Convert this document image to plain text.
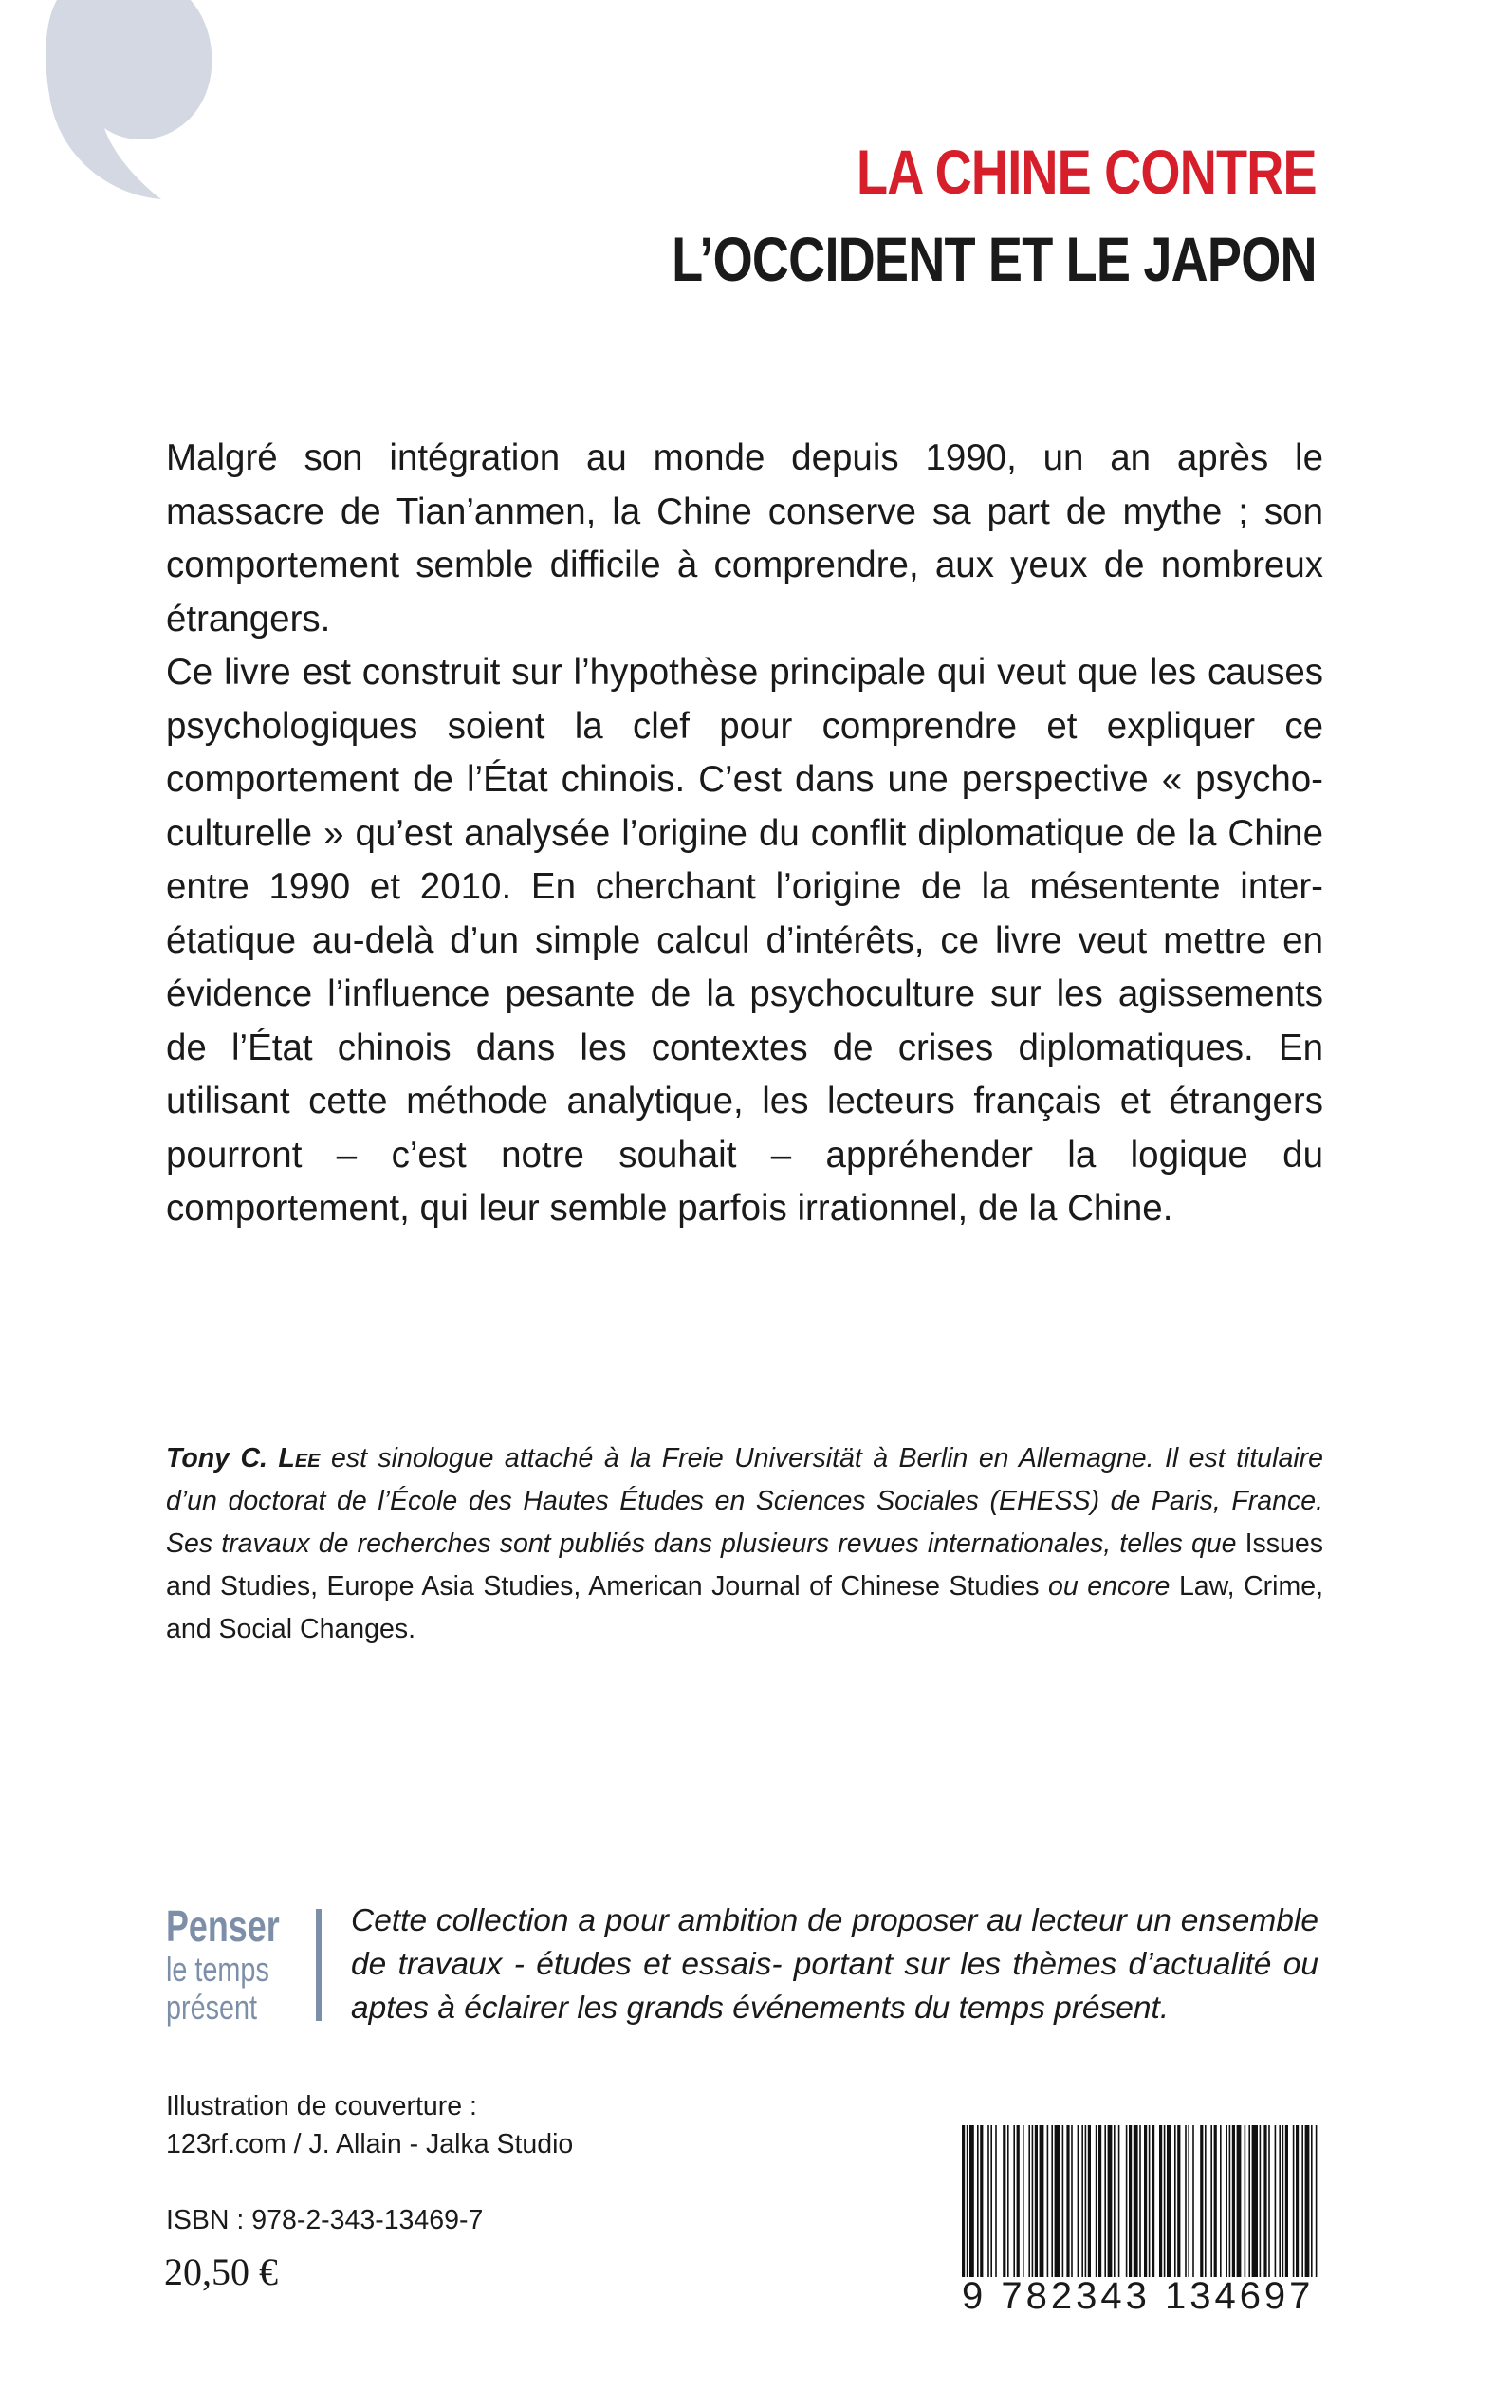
LA CHINE CONTRE
L’OCCIDENT ET LE JAPON

Malgré son intégration au monde depuis 1990, un an après le massacre de Tian’anmen, la Chine conserve sa part de mythe ; son comportement semble difficile à comprendre, aux yeux de nombreux étrangers.

Ce livre est construit sur l’hypothèse principale qui veut que les causes psychologiques soient la clef pour comprendre et expliquer ce comportement de l’État chinois. C’est dans une perspective « psycho-culturelle » qu’est analysée l’origine du conflit diplomatique de la Chine entre 1990 et 2010. En cherchant l’origine de la mésentente inter-étatique au-delà d’un simple calcul d’intérêts, ce livre veut mettre en évidence l’influence pesante de la psychoculture sur les agissements de l’État chinois dans les contextes de crises diplomatiques. En utilisant cette méthode analytique, les lecteurs français et étrangers pourront – c’est notre souhait – appréhender la logique du comportement, qui leur semble parfois irrationnel, de la Chine.

Tony C. Lee est sinologue attaché à la Freie Universität à Berlin en Allemagne. Il est titulaire d’un doctorat de l’École des Hautes Études en Sciences Sociales (EHESS) de Paris, France. Ses travaux de recherches sont publiés dans plusieurs revues internationales, telles que Issues and Studies, Europe Asia Studies, American Journal of Chinese Studies ou encore Law, Crime, and Social Changes.
Penser
le temps
présent
Cette collection a pour ambition de proposer au lecteur un ensemble de travaux - études et essais- portant sur les thèmes d’actualité ou aptes à éclairer les grands événements du temps présent.
Illustration de couverture :
123rf.com / J. Allain - Jalka Studio
ISBN : 978-2-343-13469-7
20,50 €
9 782343 134697
